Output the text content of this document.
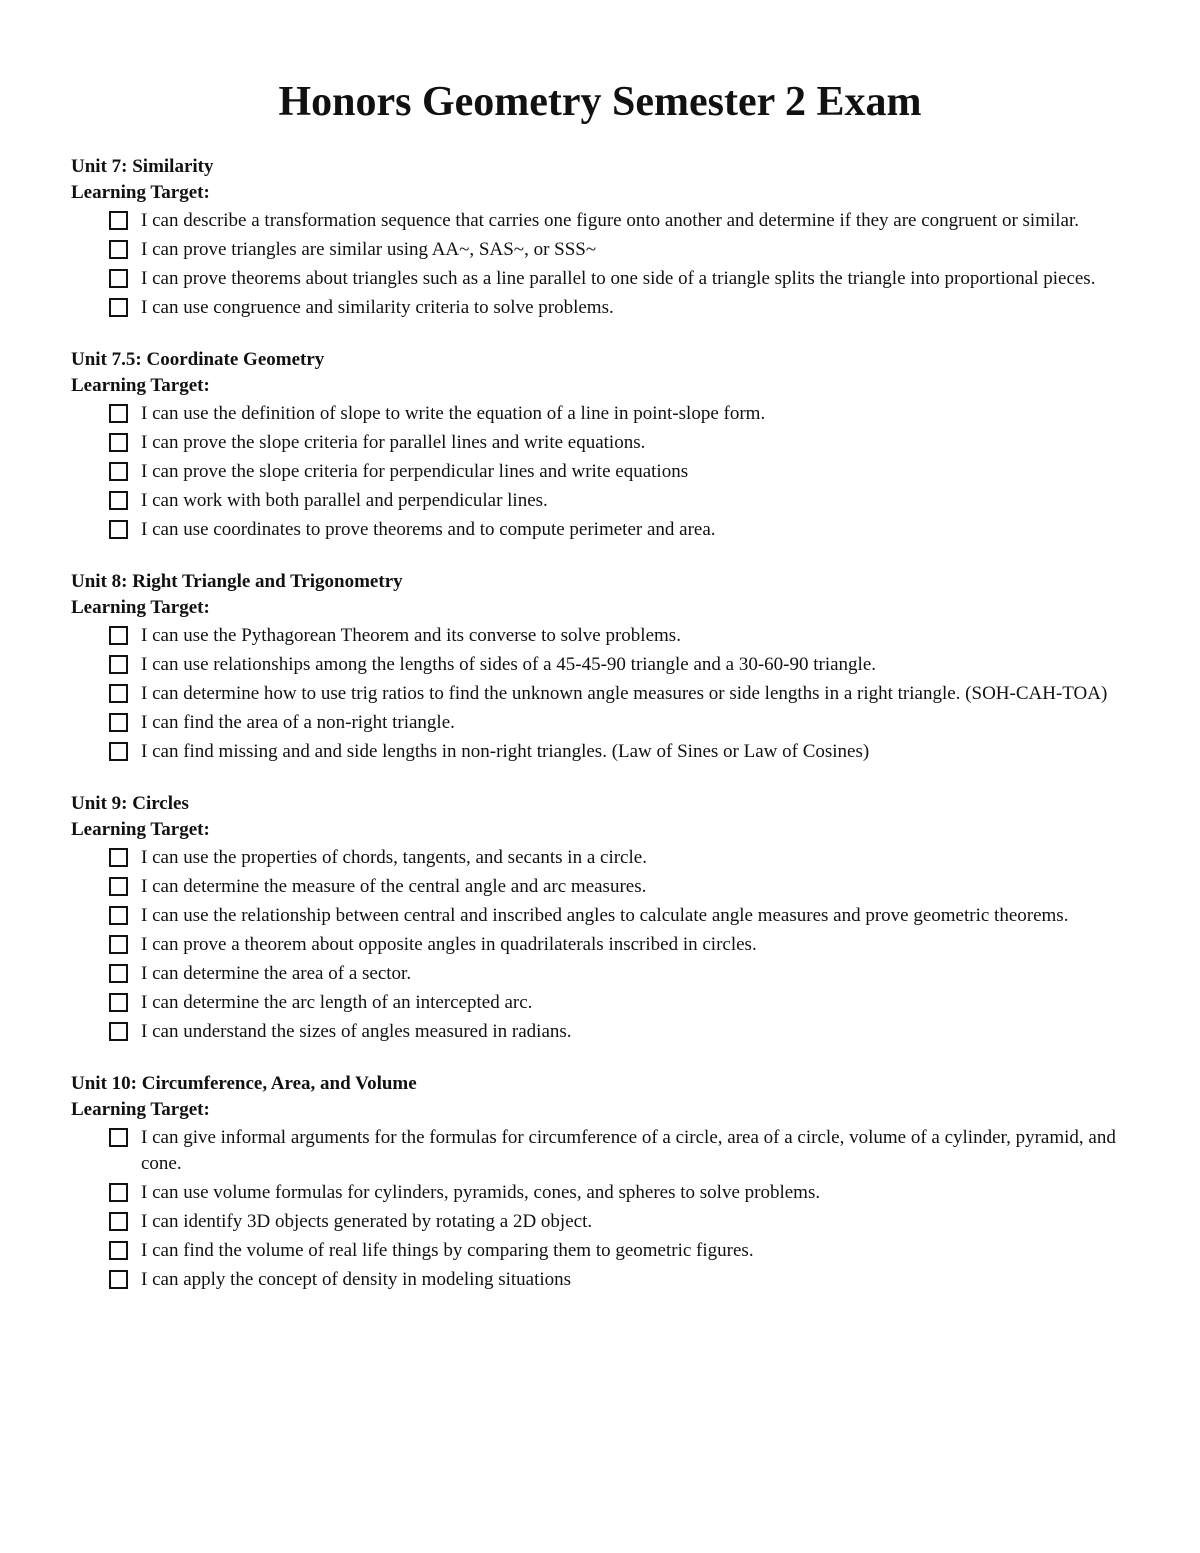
Honors Geometry Semester 2 Exam

Unit 7: Similarity

Learning Target:

I can describe a transformation sequence that carries one figure onto another and determine if they are congruent or similar.
I can prove triangles are similar using AA~, SAS~, or SSS~
I can prove theorems about triangles such as a line parallel to one side of a triangle splits the triangle into proportional pieces.
I can use congruence and similarity criteria to solve problems.

Unit 7.5: Coordinate Geometry

Learning Target:

I can use the definition of slope to write the equation of a line in point-slope form.
I can prove the slope criteria for parallel lines and write equations.
I can prove the slope criteria for perpendicular lines and write equations
I can work with both parallel and perpendicular lines.
I can use coordinates to prove theorems and to compute perimeter and area.

Unit 8: Right Triangle and Trigonometry

Learning Target:

I can use the Pythagorean Theorem and its converse to solve problems.
I can use relationships among the lengths of sides of a 45-45-90 triangle and a 30-60-90 triangle.
I can determine how to use trig ratios to find the unknown angle measures or side lengths in a right triangle. (SOH-CAH-TOA)
I can find the area of a non-right triangle.
I can find missing and and side lengths in non-right triangles. (Law of Sines or Law of Cosines)

Unit 9: Circles

Learning Target:

I can use the properties of chords, tangents, and secants in a circle.
I can determine the measure of the central angle and arc measures.
I can use the relationship between central and inscribed angles to calculate angle measures and prove geometric theorems.
I can prove a theorem about opposite angles in quadrilaterals inscribed in circles.
I can determine the area of a sector.
I can determine the arc length of an intercepted arc.
I can understand the sizes of angles measured in radians.

Unit 10: Circumference, Area, and Volume

Learning Target:

I can give informal arguments for the formulas for circumference of a circle, area of a circle, volume of a cylinder, pyramid, and cone.
I can use volume formulas for cylinders, pyramids, cones, and spheres to solve problems.
I can identify 3D objects generated by rotating a 2D object.
I can find the volume of real life things by comparing them to geometric figures.
I can apply the concept of density in modeling situations
